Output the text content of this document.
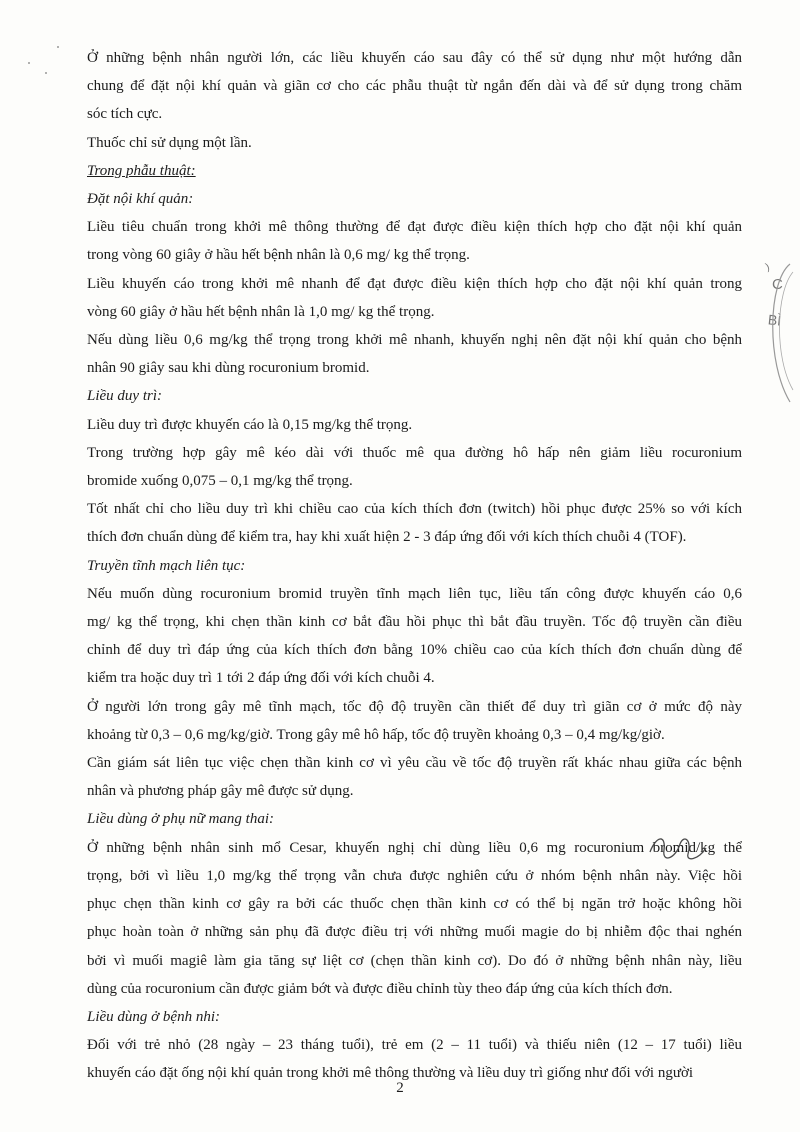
Ở những bệnh nhân người lớn, các liều khuyến cáo sau đây có thể sử dụng như một hướng dẫn
chung để đặt nội khí quản và giãn cơ cho các phẫu thuật từ ngắn đến dài và để sử dụng trong chăm
sóc tích cực.
Thuốc chỉ sử dụng một lần.
Trong phẫu thuật:
Đặt nội khí quản:
Liều tiêu chuẩn trong khởi mê thông thường để đạt được điều kiện thích hợp cho đặt nội khí quản
trong vòng 60 giây ở hầu hết bệnh nhân là 0,6 mg/ kg thể trọng.
Liều khuyến cáo trong khởi mê nhanh để đạt được điều kiện thích hợp cho đặt nội khí quản trong
vòng 60 giây ở hầu hết bệnh nhân là 1,0 mg/ kg thể trọng.
Nếu dùng liều 0,6 mg/kg thể trọng trong khởi mê nhanh, khuyến nghị nên đặt nội khí quản cho bệnh
nhân 90 giây sau khi dùng rocuronium bromid.
Liều duy trì:
Liều duy trì được khuyến cáo là 0,15 mg/kg thể trọng.
Trong trường hợp gây mê kéo dài với thuốc mê qua đường hô hấp nên giảm liều rocuronium
bromide xuống 0,075 – 0,1 mg/kg thể trọng.
Tốt nhất chỉ cho liều duy trì khi chiều cao của kích thích đơn (twitch) hồi phục được 25% so với kích
thích đơn chuẩn dùng để kiểm tra, hay khi xuất hiện 2 - 3 đáp ứng đối với kích thích chuỗi 4 (TOF).
Truyền tĩnh mạch liên tục:
Nếu muốn dùng rocuronium bromid truyền tĩnh mạch liên tục, liều tấn công được khuyến cáo 0,6
mg/ kg thể trọng, khi chẹn thần kinh cơ bắt đầu hồi phục thì bắt đầu truyền. Tốc độ truyền cần điều
chỉnh để duy trì đáp ứng của kích thích đơn bằng 10% chiều cao của kích thích đơn chuẩn dùng để
kiểm tra hoặc duy trì 1 tới 2 đáp ứng đối với kích chuỗi 4.
Ở người lớn trong gây mê tĩnh mạch, tốc độ độ truyền cần thiết để duy trì giãn cơ ở mức độ này
khoảng từ 0,3 – 0,6 mg/kg/giờ. Trong gây mê hô hấp, tốc độ truyền khoảng 0,3 – 0,4 mg/kg/giờ.
Cần giám sát liên tục việc chẹn thần kinh cơ vì yêu cầu về tốc độ truyền rất khác nhau giữa các bệnh
nhân và phương pháp gây mê được sử dụng.
Liều dùng ở phụ nữ mang thai:
Ở những bệnh nhân sinh mổ Cesar, khuyến nghị chỉ dùng liều 0,6 mg rocuronium bromid/kg thể
trọng, bởi vì liều 1,0 mg/kg thể trọng vẫn chưa được nghiên cứu ở nhóm bệnh nhân này. Việc hồi
phục chẹn thần kinh cơ gây ra bởi các thuốc chẹn thần kinh cơ có thể bị ngăn trở hoặc không hồi
phục hoàn toàn ở những sản phụ đã được điều trị với những muối magie do bị nhiễm độc thai nghén
bởi vì muối magiê làm gia tăng sự liệt cơ (chẹn thần kinh cơ). Do đó ở những bệnh nhân này, liều
dùng của rocuronium cần được giảm bớt và được điều chỉnh tùy theo đáp ứng của kích thích đơn.
Liều dùng ở bệnh nhi:
Đối với trẻ nhỏ (28 ngày – 23 tháng tuổi), trẻ em (2 – 11 tuổi) và thiếu niên (12 – 17 tuổi) liều
khuyến cáo đặt ống nội khí quản trong khởi mê thông thường và liều duy trì giống như đối với người
2
)
C
BÌ
